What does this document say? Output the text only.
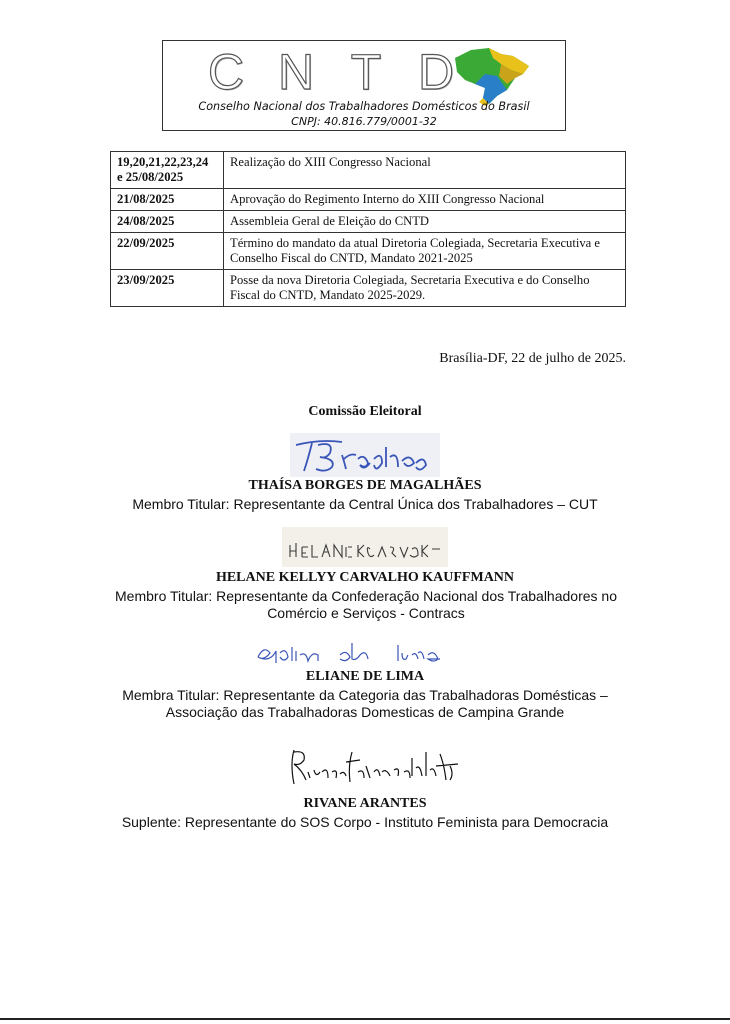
C N T D
Conselho Nacional dos Trabalhadores Domésticos do Brasil
CNPJ: 40.816.779/0001-32
19,20,21,22,23,24 e 25/08/2025	Realização do XIII Congresso Nacional
21/08/2025	Aprovação do Regimento Interno do XIII Congresso Nacional
24/08/2025	Assembleia Geral de Eleição do CNTD
22/09/2025	Término do mandato da atual Diretoria Colegiada, Secretaria Executiva e Conselho Fiscal do CNTD, Mandato 2021-2025
23/09/2025	Posse da nova Diretoria Colegiada, Secretaria Executiva e do Conselho Fiscal do CNTD, Mandato 2025-2029.
Brasília-DF, 22 de julho de 2025.
Comissão Eleitoral
THAÍSA BORGES DE MAGALHÃES
Membro Titular: Representante da Central Única dos Trabalhadores – CUT
HELANE KELLYY CARVALHO KAUFFMANN
Membro Titular: Representante da Confederação Nacional dos Trabalhadores no Comércio e Serviços - Contracs
ELIANE DE LIMA
Membra Titular: Representante da Categoria das Trabalhadoras Domésticas – Associação das Trabalhadoras Domesticas de Campina Grande
RIVANE ARANTES
Suplente: Representante do SOS Corpo - Instituto Feminista para Democracia
